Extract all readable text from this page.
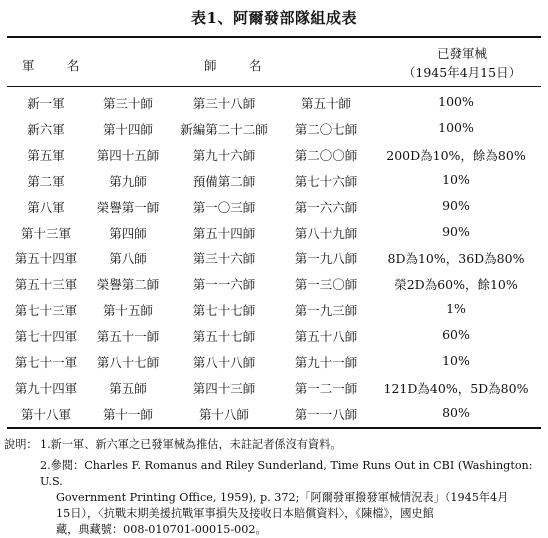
表1、阿爾發部隊組成表
軍　名	師　名
已發軍械
（1945年4月15日）
新一軍	第三十師	第三十八師	第五十師	100%
新六軍	第十四師	新編第二十二師	第二〇七師	100%
第五軍	第四十五師	第九十六師	第二〇〇師	200D為10%，餘為80%
第二軍	第九師	預備第二師	第七十六師	10%
第八軍	榮譽第一師	第一〇三師	第一六六師	90%
第十三軍	第四師	第五十四師	第八十九師	90%
第五十四軍	第八師	第三十六師	第一九八師	8D為10%，36D為80%
第五十三軍	榮譽第二師	第一一六師	第一三〇師	榮2D為60%，餘10%
第七十三軍	第十五師	第七十七師	第一九三師	1%
第七十四軍	第五十一師	第五十七師	第五十八師	60%
第七十一軍	第八十七師	第八十八師	第九十一師	10%
第九十四軍	第五師	第四十三師	第一二一師	121D為40%，5D為80%
第十八軍	第十一師	第十八師	第一一八師	80%
說明： 1.新一軍、新六軍之已發軍械為推估，未註記者係沒有資料。
2.參閱：Charles F. Romanus and Riley Sunderland, Time Runs Out in CBI (Washington: U.S.
Government Printing Office, 1959), p. 372;「阿爾發軍撥發軍械情況表」（1945年4月
15日），〈抗戰末期美援抗戰軍事損失及接收日本賠償資料〉，《陳檔》，國史館
藏，典藏號：008-010701-00015-002。
